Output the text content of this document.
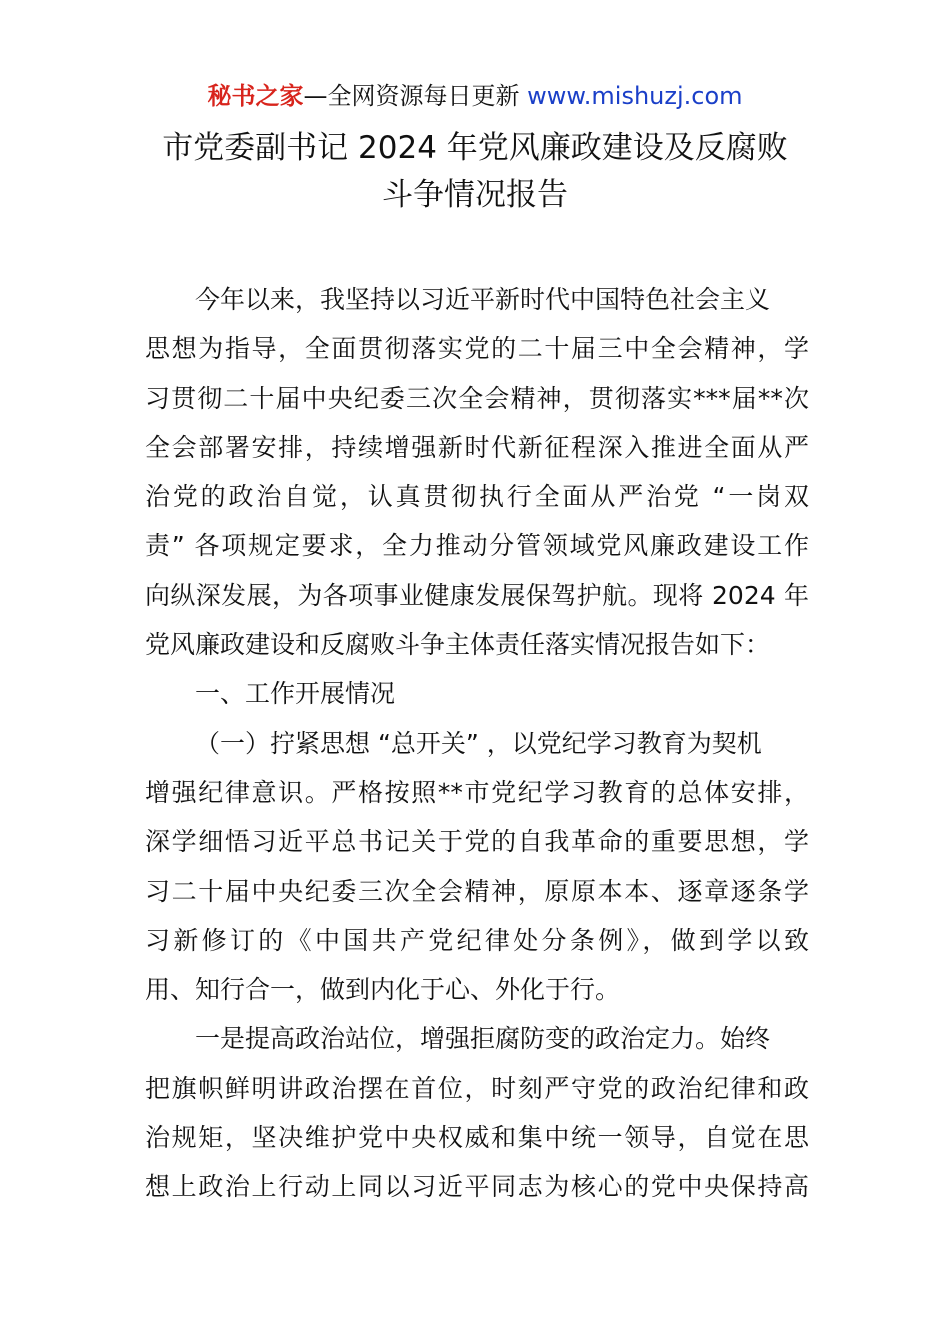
秘书之家—全网资源每日更新 www.mishuzj.com
市党委副书记 2024 年党风廉政建设及反腐败
斗争情况报告
今年以来，我坚持以习近平新时代中国特色社会主义
思想为指导，全面贯彻落实党的二十届三中全会精神，学
习贯彻二十届中央纪委三次全会精神，贯彻落实***届**次
全会部署安排，持续增强新时代新征程深入推进全面从严
治党的政治自觉，认真贯彻执行全面从严治党 “一岗双
责” 各项规定要求，全力推动分管领域党风廉政建设工作
向纵深发展，为各项事业健康发展保驾护航。现将 2024 年
党风廉政建设和反腐败斗争主体责任落实情况报告如下：
一、工作开展情况
（一）拧紧思想 “总开关” ，以党纪学习教育为契机
增强纪律意识。严格按照**市党纪学习教育的总体安排，
深学细悟习近平总书记关于党的自我革命的重要思想，学
习二十届中央纪委三次全会精神，原原本本、逐章逐条学
习新修订的《中国共产党纪律处分条例》，做到学以致
用、知行合一，做到内化于心、外化于行。
一是提高政治站位，增强拒腐防变的政治定力。始终
把旗帜鲜明讲政治摆在首位，时刻严守党的政治纪律和政
治规矩，坚决维护党中央权威和集中统一领导，自觉在思
想上政治上行动上同以习近平同志为核心的党中央保持高
